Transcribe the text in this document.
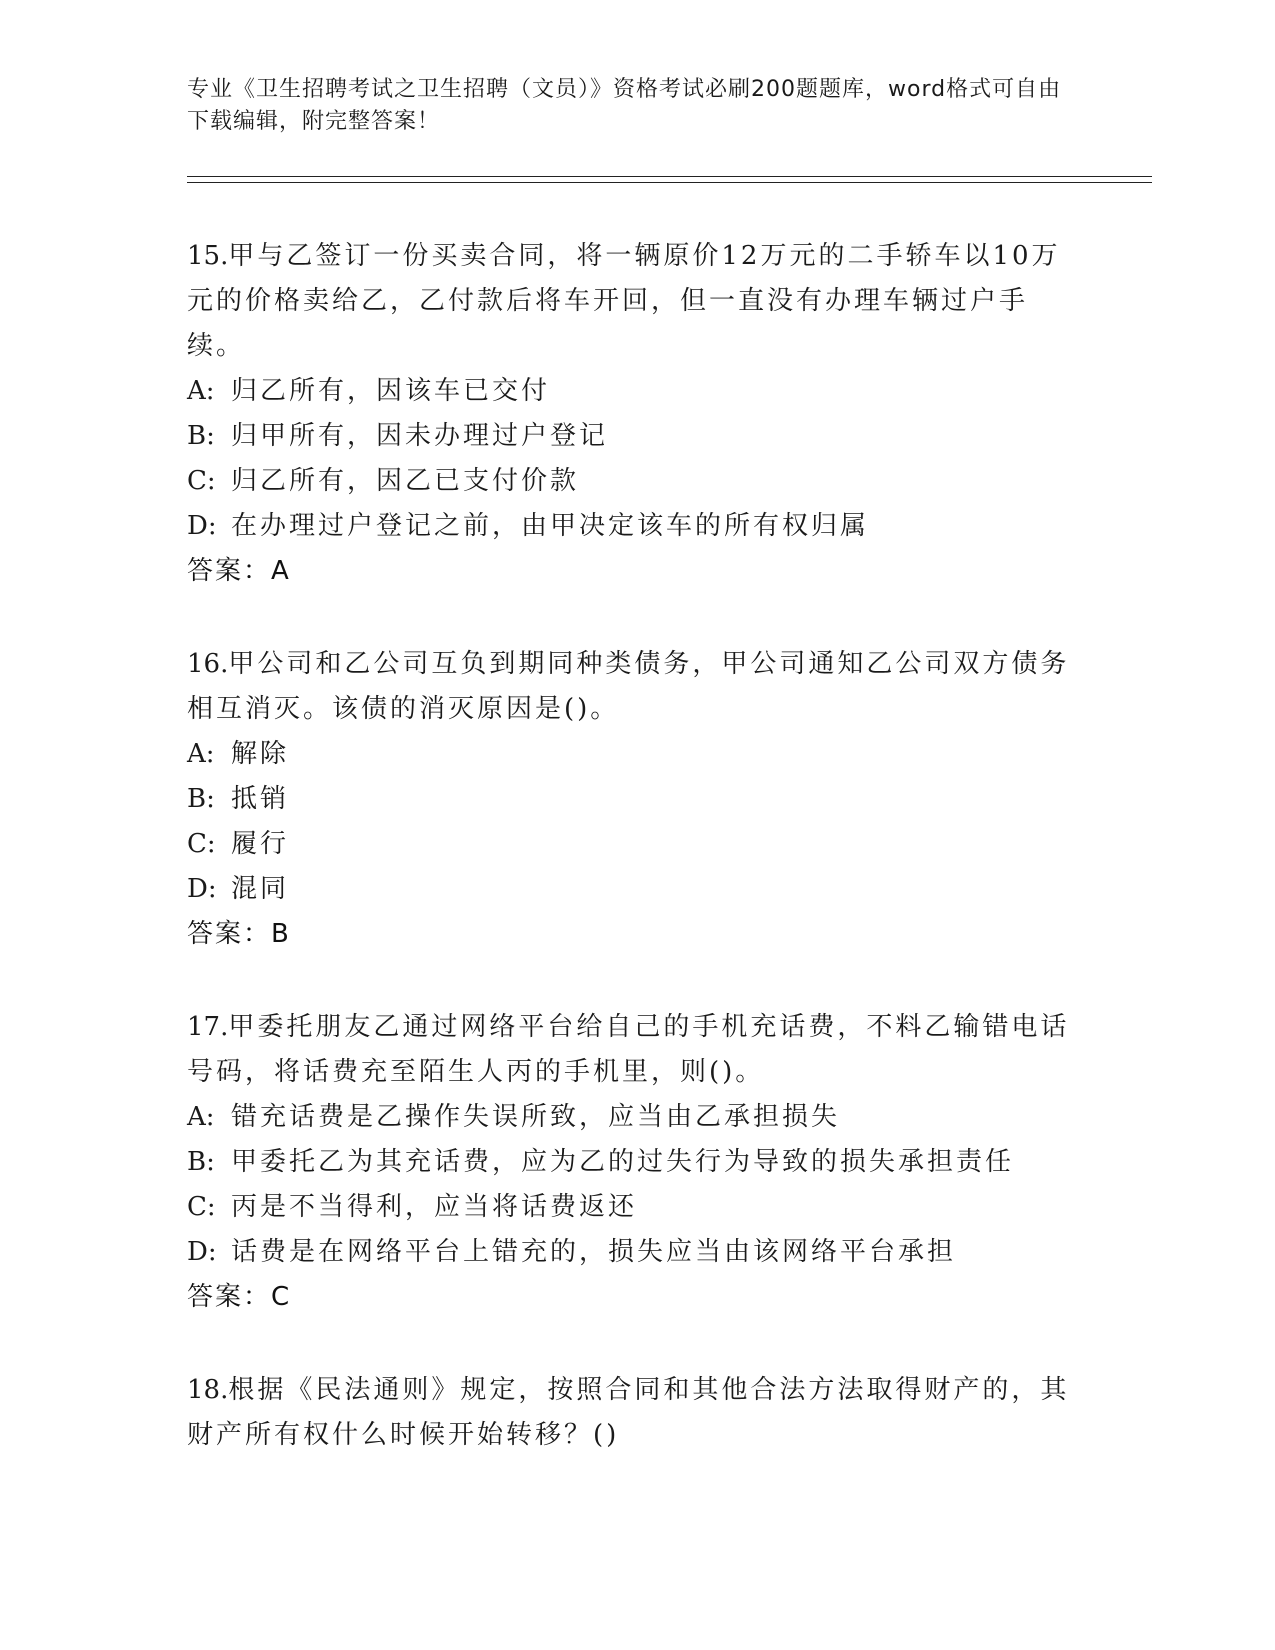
专业《卫生招聘考试之卫生招聘（文员）》资格考试必刷200题题库，word格式可自由下载编辑，附完整答案！
15.甲与乙签订一份买卖合同，将一辆原价12万元的二手轿车以10万元的价格卖给乙，乙付款后将车开回，但一直没有办理车辆过户手续。
A: 归乙所有，因该车已交付
B: 归甲所有，因未办理过户登记
C: 归乙所有，因乙已支付价款
D: 在办理过户登记之前，由甲决定该车的所有权归属
答案：A
16.甲公司和乙公司互负到期同种类债务，甲公司通知乙公司双方债务相互消灭。该债的消灭原因是()。
A: 解除
B: 抵销
C: 履行
D: 混同
答案：B
17.甲委托朋友乙通过网络平台给自己的手机充话费，不料乙输错电话号码，将话费充至陌生人丙的手机里，则()。
A: 错充话费是乙操作失误所致，应当由乙承担损失
B: 甲委托乙为其充话费，应为乙的过失行为导致的损失承担责任
C: 丙是不当得利，应当将话费返还
D: 话费是在网络平台上错充的，损失应当由该网络平台承担
答案：C
18.根据《民法通则》规定，按照合同和其他合法方法取得财产的，其财产所有权什么时候开始转移？()
